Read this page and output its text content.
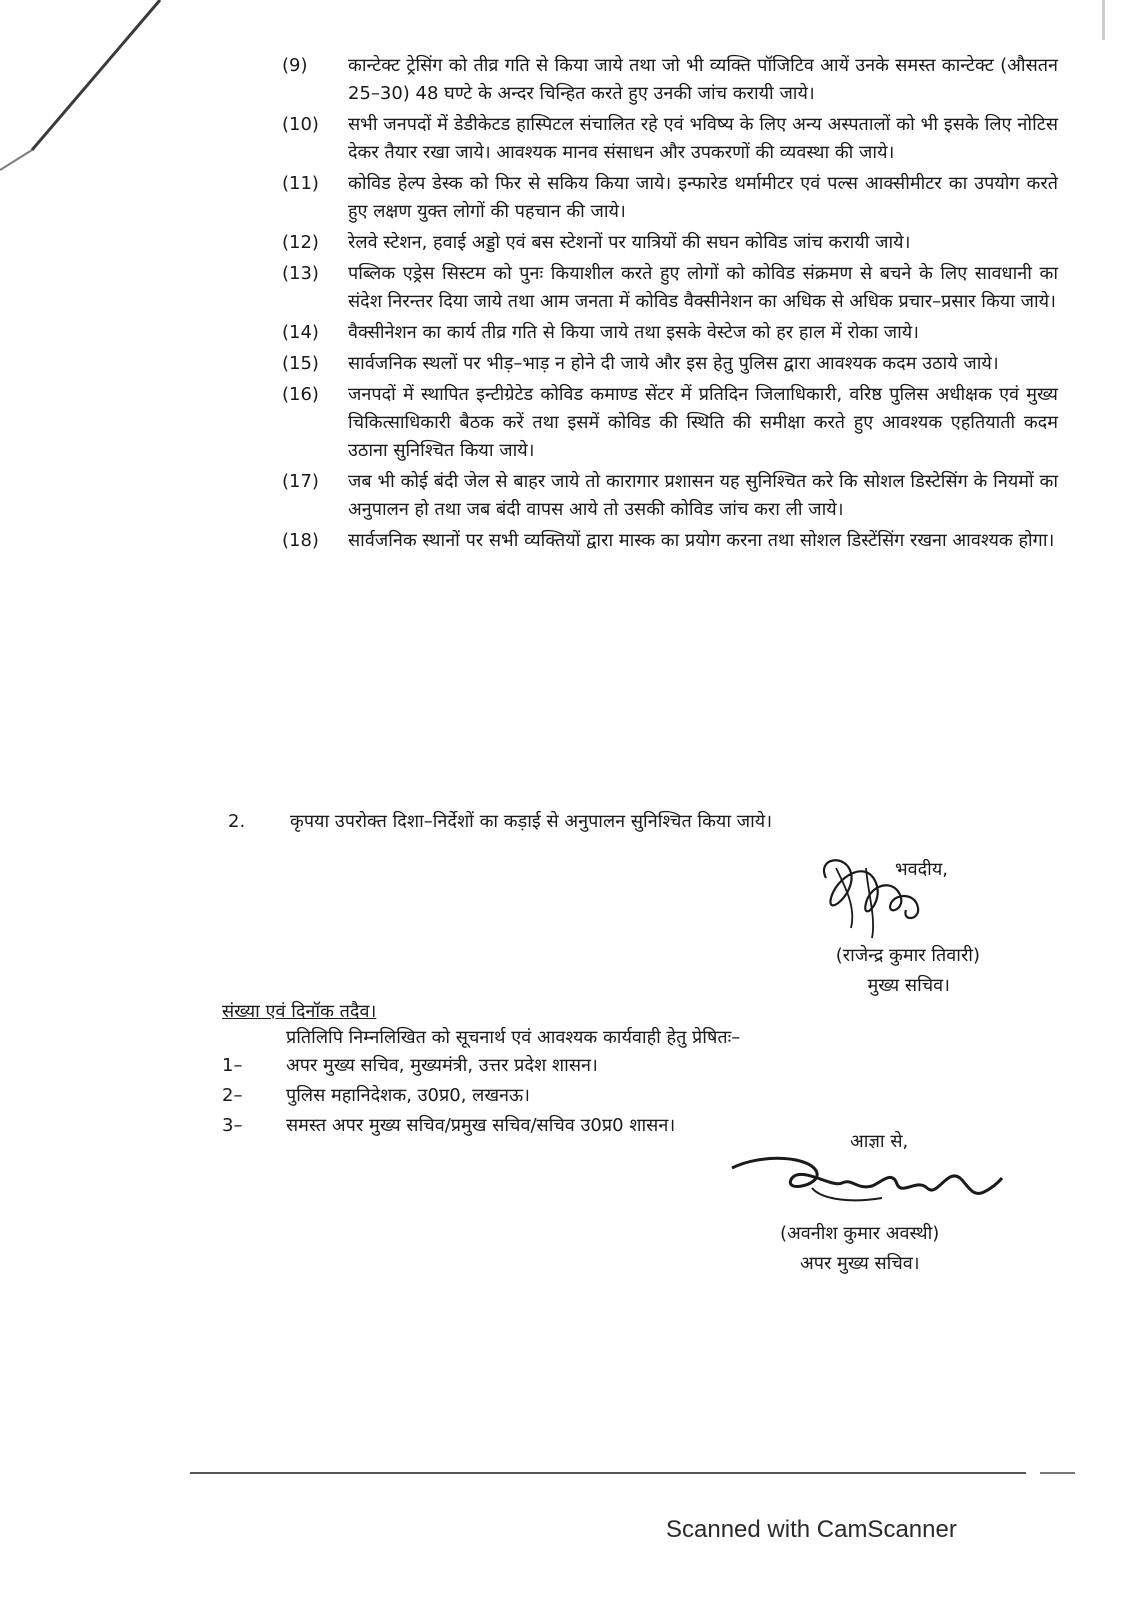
(9)	कान्टेक्ट ट्रेसिंग को तीव्र गति से किया जाये तथा जो भी व्यक्ति पॉजिटिव आयें उनके समस्त कान्टेक्ट (औसतन 25–30) 48 घण्टे के अन्दर चिन्हित करते हुए उनकी जांच करायी जाये।
(10)	सभी जनपदों में डेडीकेटड हास्पिटल संचालित रहे एवं भविष्य के लिए अन्य अस्पतालों को भी इसके लिए नोटिस देकर तैयार रखा जाये। आवश्यक मानव संसाधन और उपकरणों की व्यवस्था की जाये।
(11)	कोविड हेल्प डेस्क को फिर से सकिय किया जाये। इन्फारेड थर्मामीटर एवं पल्स आक्सीमीटर का उपयोग करते हुए लक्षण युक्त लोगों की पहचान की जाये।
(12)	रेलवे स्टेशन, हवाई अड्डो एवं बस स्टेशनों पर यात्रियों की सघन कोविड जांच करायी जाये।
(13)	पब्लिक एड्रेस सिस्टम को पुनः कियाशील करते हुए लोगों को कोविड संक्रमण से बचने के लिए सावधानी का संदेश निरन्तर दिया जाये तथा आम जनता में कोविड वैक्सीनेशन का अधिक से अधिक प्रचार–प्रसार किया जाये।
(14)	वैक्सीनेशन का कार्य तीव्र गति से किया जाये तथा इसके वेस्टेज को हर हाल में रोका जाये।
(15)	सार्वजनिक स्थलों पर भीड़–भाड़ न होने दी जाये और इस हेतु पुलिस द्वारा आवश्यक कदम उठाये जाये।
(16)	जनपदों में स्थापित इन्टीग्रेटेड कोविड कमाण्ड सेंटर में प्रतिदिन जिलाधिकारी, वरिष्ठ पुलिस अधीक्षक एवं मुख्य चिकित्साधिकारी बैठक करें तथा इसमें कोविड की स्थिति की समीक्षा करते हुए आवश्यक एहतियाती कदम उठाना सुनिश्चित किया जाये।
(17)	जब भी कोई बंदी जेल से बाहर जाये तो कारागार प्रशासन यह सुनिश्चित करे कि सोशल डिस्टेसिंग के नियमों का अनुपालन हो तथा जब बंदी वापस आये तो उसकी कोविड जांच करा ली जाये।
(18)	सार्वजनिक स्थानों पर सभी व्यक्तियों द्वारा मास्क का प्रयोग करना तथा सोशल डिस्टेंसिंग रखना आवश्यक होगा।
2.	कृपया उपरोक्त दिशा–निर्देशों का कड़ाई से अनुपालन सुनिश्चित किया जाये।
भवदीय,
(राजेन्द्र कुमार तिवारी)
मुख्य सचिव।
संख्या एवं दिनॉक तदैव।
प्रतिलिपि निम्नलिखित को सूचनार्थ एवं आवश्यक कार्यवाही हेतु प्रेषितः–
1–	अपर मुख्य सचिव, मुख्यमंत्री, उत्तर प्रदेश शासन।
2–	पुलिस महानिदेशक, उ0प्र0, लखनऊ।
3–	समस्त अपर मुख्य सचिव/प्रमुख सचिव/सचिव उ0प्र0 शासन।
आज्ञा से,
(अवनीश कुमार अवस्थी)
अपर मुख्य सचिव।
Scanned with CamScanner
